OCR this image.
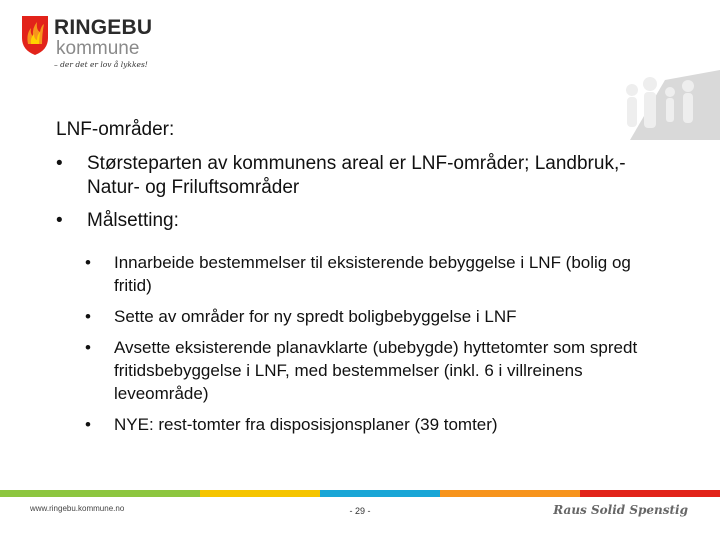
RINGEBU
kommune
– der det er lov å lykkes!
LNF-områder:
• Størsteparten av kommunens areal er LNF-områder; Landbruk,- Natur- og Friluftsområder
• Målsetting:
• Innarbeide bestemmelser til eksisterende bebyggelse i LNF (bolig og fritid)
• Sette av områder for ny spredt boligbebyggelse i LNF
• Avsette eksisterende planavklarte (ubebygde) hyttetomter som spredt fritidsbebyggelse i LNF, med bestemmelser (inkl. 6 i villreinens leveområde)
• NYE: rest-tomter fra disposisjonsplaner (39 tomter)
www.ringebu.kommune.no	- 29 -	Raus Solid Spenstig
